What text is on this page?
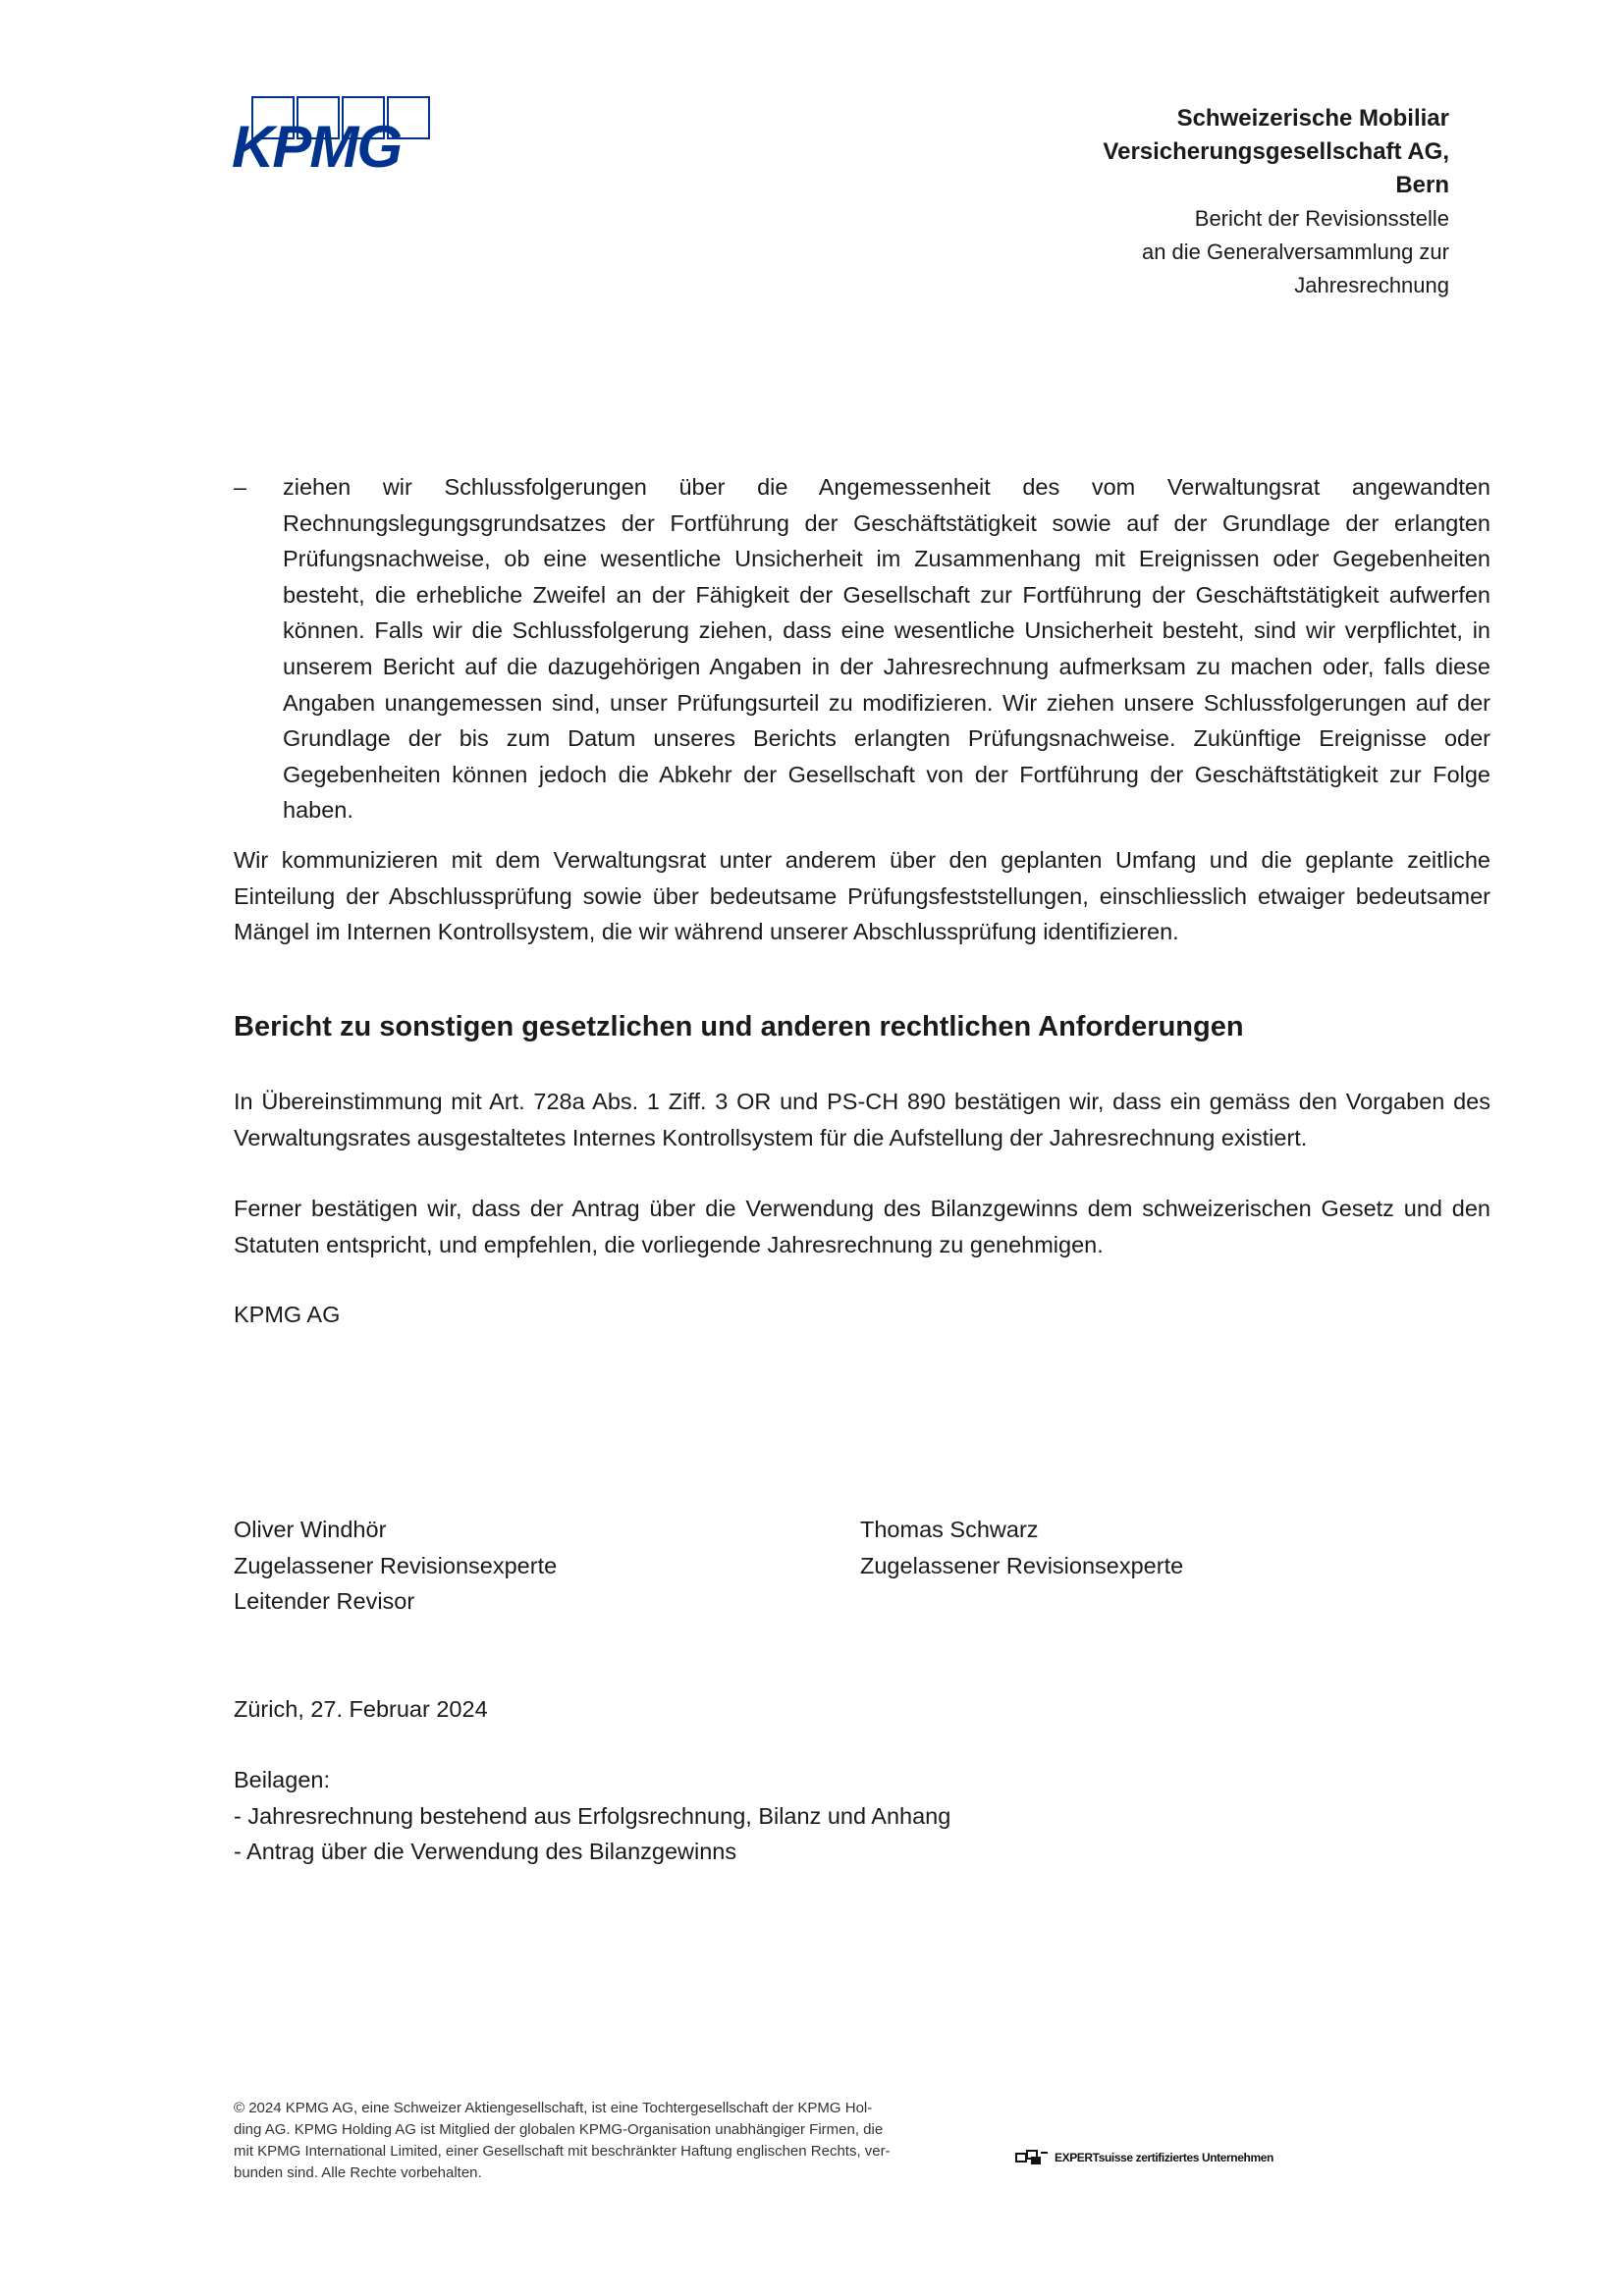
KPMG	Schweizerische Mobiliar
Versicherungsgesellschaft AG,
Bern
Bericht der Revisionsstelle
an die Generalversammlung zur
Jahresrechnung
– ziehen wir Schlussfolgerungen über die Angemessenheit des vom Verwaltungsrat angewandten Rechnungslegungsgrundsatzes der Fortführung der Geschäftstätigkeit sowie auf der Grundlage der erlangten Prüfungsnachweise, ob eine wesentliche Unsicherheit im Zusammenhang mit Ereignissen oder Gegebenheiten besteht, die erhebliche Zweifel an der Fähigkeit der Gesellschaft zur Fortführung der Geschäftstätigkeit aufwerfen können. Falls wir die Schlussfolgerung ziehen, dass eine wesentliche Unsicherheit besteht, sind wir verpflichtet, in unserem Bericht auf die dazugehörigen Angaben in der Jahresrechnung aufmerksam zu machen oder, falls diese Angaben unangemessen sind, unser Prüfungsurteil zu modifizieren. Wir ziehen unsere Schlussfolgerungen auf der Grundlage der bis zum Datum unseres Berichts erlangten Prüfungsnachweise. Zukünftige Ereignisse oder Gegebenheiten können jedoch die Abkehr der Gesellschaft von der Fortführung der Geschäftstätigkeit zur Folge haben.
Wir kommunizieren mit dem Verwaltungsrat unter anderem über den geplanten Umfang und die geplante zeitliche Einteilung der Abschlussprüfung sowie über bedeutsame Prüfungsfeststellungen, einschliesslich etwaiger bedeutsamer Mängel im Internen Kontrollsystem, die wir während unserer Abschlussprüfung identifizieren.
Bericht zu sonstigen gesetzlichen und anderen rechtlichen Anforderungen
In Übereinstimmung mit Art. 728a Abs. 1 Ziff. 3 OR und PS-CH 890 bestätigen wir, dass ein gemäss den Vorgaben des Verwaltungsrates ausgestaltetes Internes Kontrollsystem für die Aufstellung der Jahresrechnung existiert.
Ferner bestätigen wir, dass der Antrag über die Verwendung des Bilanzgewinns dem schweizerischen Gesetz und den Statuten entspricht, und empfehlen, die vorliegende Jahresrechnung zu genehmigen.
KPMG AG
Oliver Windhör
Zugelassener Revisionsexperte
Leitender Revisor
Thomas Schwarz
Zugelassener Revisionsexperte
Zürich, 27. Februar 2024
Beilagen:
- Jahresrechnung bestehend aus Erfolgsrechnung, Bilanz und Anhang
- Antrag über die Verwendung des Bilanzgewinns
© 2024 KPMG AG, eine Schweizer Aktiengesellschaft, ist eine Tochtergesellschaft der KPMG Hol-
ding AG. KPMG Holding AG ist Mitglied der globalen KPMG-Organisation unabhängiger Firmen, die
mit KPMG International Limited, einer Gesellschaft mit beschränkter Haftung englischen Rechts, ver-
bunden sind. Alle Rechte vorbehalten.
EXPERTsuisse zertifiziertes Unternehmen
